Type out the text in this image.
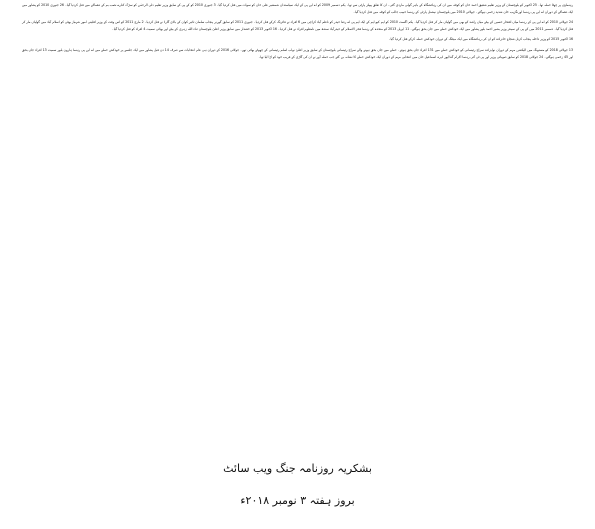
رہنماؤں پر چھٹا حملہ تھا۔ 25 اکتوبر کو بلوچستان کے وزیر تعلیم شفیق احمد خان کو کوئٹہ میں ان کی رہائشگاہ کے باہر گولی ماردی گئی۔ ان کا تعلق پیپلز پارٹی سے تھا۔ یکم دسمبر 2009 کو اے این پی کے ایک سیاستدان شمشیر علی خان کو سوات میں قتل کردیا گیا۔ 3 جنوری 2010 کو کے پی کے سابق وزیر تعلیم ذلی الرحمٰن کو سڑک کنارے نصب بم کے دھماکے میں قتل کردیا گیا۔ 26 جنوری 2010 کو پشاور میں ایک دھماکے کے دوران اے این پی رہنما اورنگزیب خان شدید زخمی ہوگئے۔ جولائی 2010 میں بلوچستان نیشنل پارٹی کے رہنما حبیب جالب کو کوئٹہ میں قتل کردیا گیا۔

24 جولائی 2010 کو اے این پی کے رہنما میاں افتخار حسین کے بیٹے میاں راشد کو بھی میں گولیاں مار کر قتل کردیا گیا۔ یکم اگست 2010 کو ایم کیو ایم کے ایک ایم پی اے رضا حیدر کو ناظم آباد کراچی میں 6 افراد نے فائرنگ کرکے قتل کردیا۔ جنوری 2011 کو سابق گورنر پنجاب سلمان تاثیر کوان کے باڈی گارڈ نے قتل کردیا۔ 2 مارچ 2011 کو اس وقت کے وزیر اقلیتی امور شہباز بھٹی کو اسلام آباد میں گولیاں مار کر قتل کردیا گیا۔ دسمبر 2011 میں کے پی کے سینئر وزیر بشیر احمد بلور پشاور میں ایک خودکش حملے میں جان بحق ہوگئے۔ 11 اپریل 2013 کو متحدہ کے رہنما فخر الاسلام کو حیدرآباد سندھ میں نامعلوم افراد نے قتل کردیا۔ 16 اکتوبر 2013 کو خضدار میں سابق وزیر اعلیٰ بلوچستان ثناء اللہ زہری کے بیٹے اور بھائی سمیت 4 افراد کو قتل کردیا گیا۔

16 اکتوبر 2015 کو وزیر داخلہ پنجاب کرنل شجاع خانزادہ کو ان کی رہائشگاہ میں ایک میٹنگ کے دوران خودکش حملہ کرکے قتل کردیا گیا۔

13 جولائی 2018 کو مستونگ میں الیکشن مہم کے دوران نوابزادہ سراج رئیسانی کو خودکش حملے میں 131 افراد جاں بحق ہوئے۔ حملے میں جاں بحق ہونے والے سراج رئیسانی بلوچستان کے سابق وزیر اعلیٰ نواب اسلم رئیسانی کے چھوٹے بھائی تھے۔ جولائی 2016 کے دوران ہی عام انتخابات سے صرف 14 دن قبل پشاور میں ایک جلسے پر خودکش حملے میں اے این پی رہنما ہارون بلور سمیت 13 افراد جاں بحق اور 45 زخمی ہوگئے۔ 24 جولائی 2018 کو سابق صوبائی وزیر اور پی ٹی آئی رہنما اکرام گنڈاپور ڈیرہ اسماعیل خان میں انتخابی مہم کے دوران ایک خودکش حملے کا نشانہ بن گئے جب حملہ آور نے ان کی گاڑی کے قریب خود کو اڑا لیا تھا۔

بشکریہ روزنامہ جنگ ویب سائٹ
بروز ہفتہ ۳ نومبر ۲۰۱۸ء
